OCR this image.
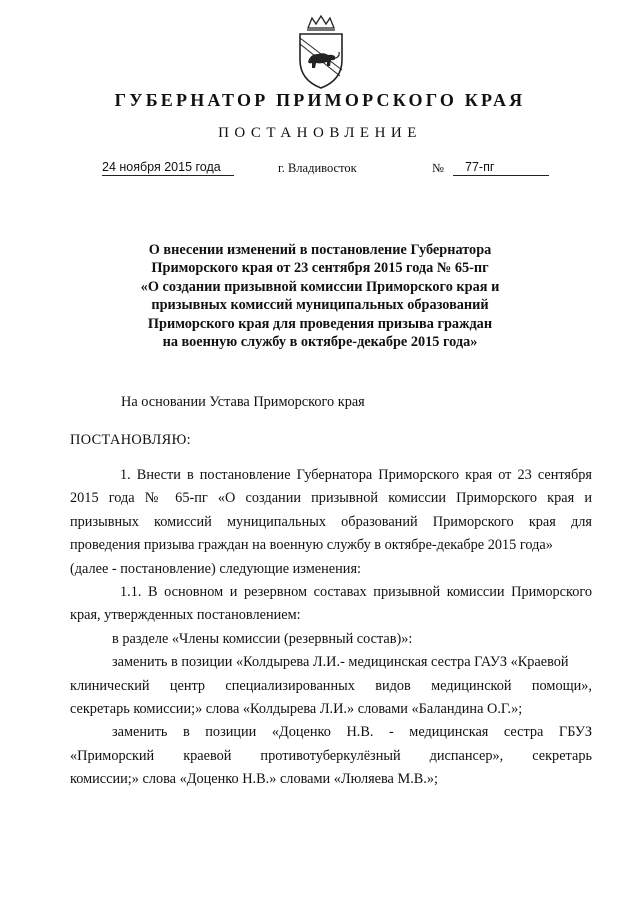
ГУБЕРНАТОР ПРИМОРСКОГО КРАЯ
ПОСТАНОВЛЕНИЕ
24 ноября 2015 года	г. Владивосток	№	77-пг
О внесении изменений в постановление Губернатора
Приморского края от 23 сентября 2015 года № 65-пг
«О создании призывной комиссии Приморского края и
призывных комиссий муниципальных образований
Приморского края для проведения призыва граждан
на военную службу в октябре-декабре 2015 года»
На основании Устава Приморского края
ПОСТАНОВЛЯЮ:
1. Внести в постановление Губернатора Приморского края от 23 сентября
2015 года № 65-пг «О создании призывной комиссии Приморского края и
призывных комиссий муниципальных образований Приморского края для
проведения призыва граждан на военную службу в октябре-декабре 2015 года»
(далее - постановление) следующие изменения:
1.1. В основном и резервном составах призывной комиссии Приморского
края, утвержденных постановлением:
в разделе «Члены комиссии (резервный состав)»:
заменить в позиции «Колдырева Л.И.- медицинская сестра ГАУЗ «Краевой
клинический центр специализированных видов медицинской помощи»,
секретарь комиссии;» слова «Колдырева Л.И.» словами «Баландина О.Г.»;
заменить в позиции «Доценко Н.В. - медицинская сестра ГБУЗ
«Приморский краевой противотуберкулёзный диспансер», секретарь
комиссии;» слова «Доценко Н.В.» словами «Люляева М.В.»;
